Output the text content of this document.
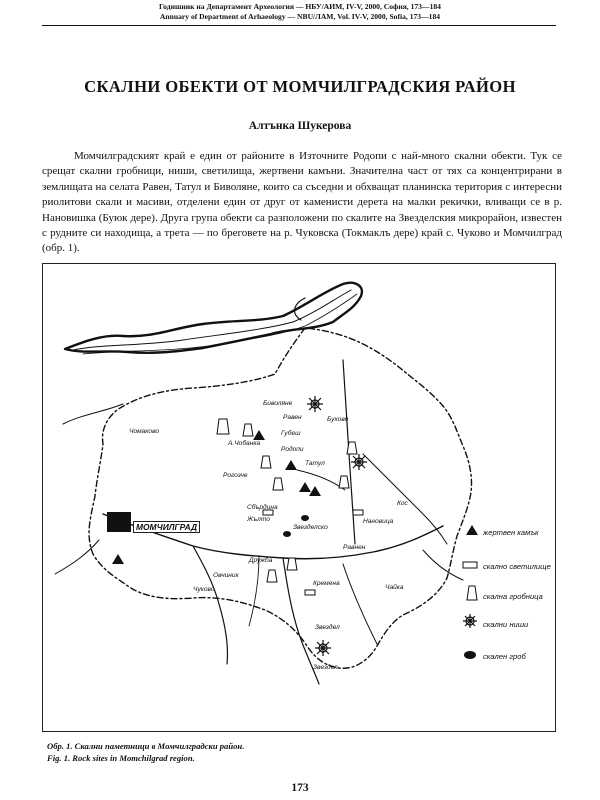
Годишник на Департамент Археология — НБУ/АИМ, IV-V, 2000, София, 173—184
Annuary of Department of Arhaeology — NBU/ЛАМ, Vol. IV-V, 2000, Sofia, 173—184
СКАЛНИ ОБЕКТИ ОТ МОМЧИЛГРАДСКИЯ РАЙОН
Алтънка Шукерова
Момчилградският край е един от районите в Източните Родопи с най-много скални обекти. Тук се срещат скални гробници, ниши, светилища, жертвени камъни. Значителна част от тях са концентрирани в землищата на селата Равен, Татул и Биволяне, които са съседни и обхващат планинска територия с интересни риолитови скали и масиви, отделени един от друг от каменисти дерета на малки рекички, вливащи се в р. Нановишка (Буюк дере). Друга група обекти са разположени по скалите на Звезделския микрорайон, известен с рудните си находища, а трета — по бреговете на р. Чуковска (Токмаклъ дере) край с. Чуково и Момчилград (обр. 1).
МОМЧИЛГРАД
Биволяне
Чомаково
А.Чобанка
Равен	Бухово
Губеш
Татул
Родопи
Рогозче
Сбърдина
Жълто
Звезделско
Нановица
Дружба
Овчиник
Чуково
Кремена
Чайка
Звездел
Звездел
Равнен
Кос
жертвен камък
скално светилище
скална гробница
скални ниши
скален гроб
Обр. 1. Скални паметници в Момчилградски район.
Fig. 1. Rock sites in Momchilgrad region.
173
